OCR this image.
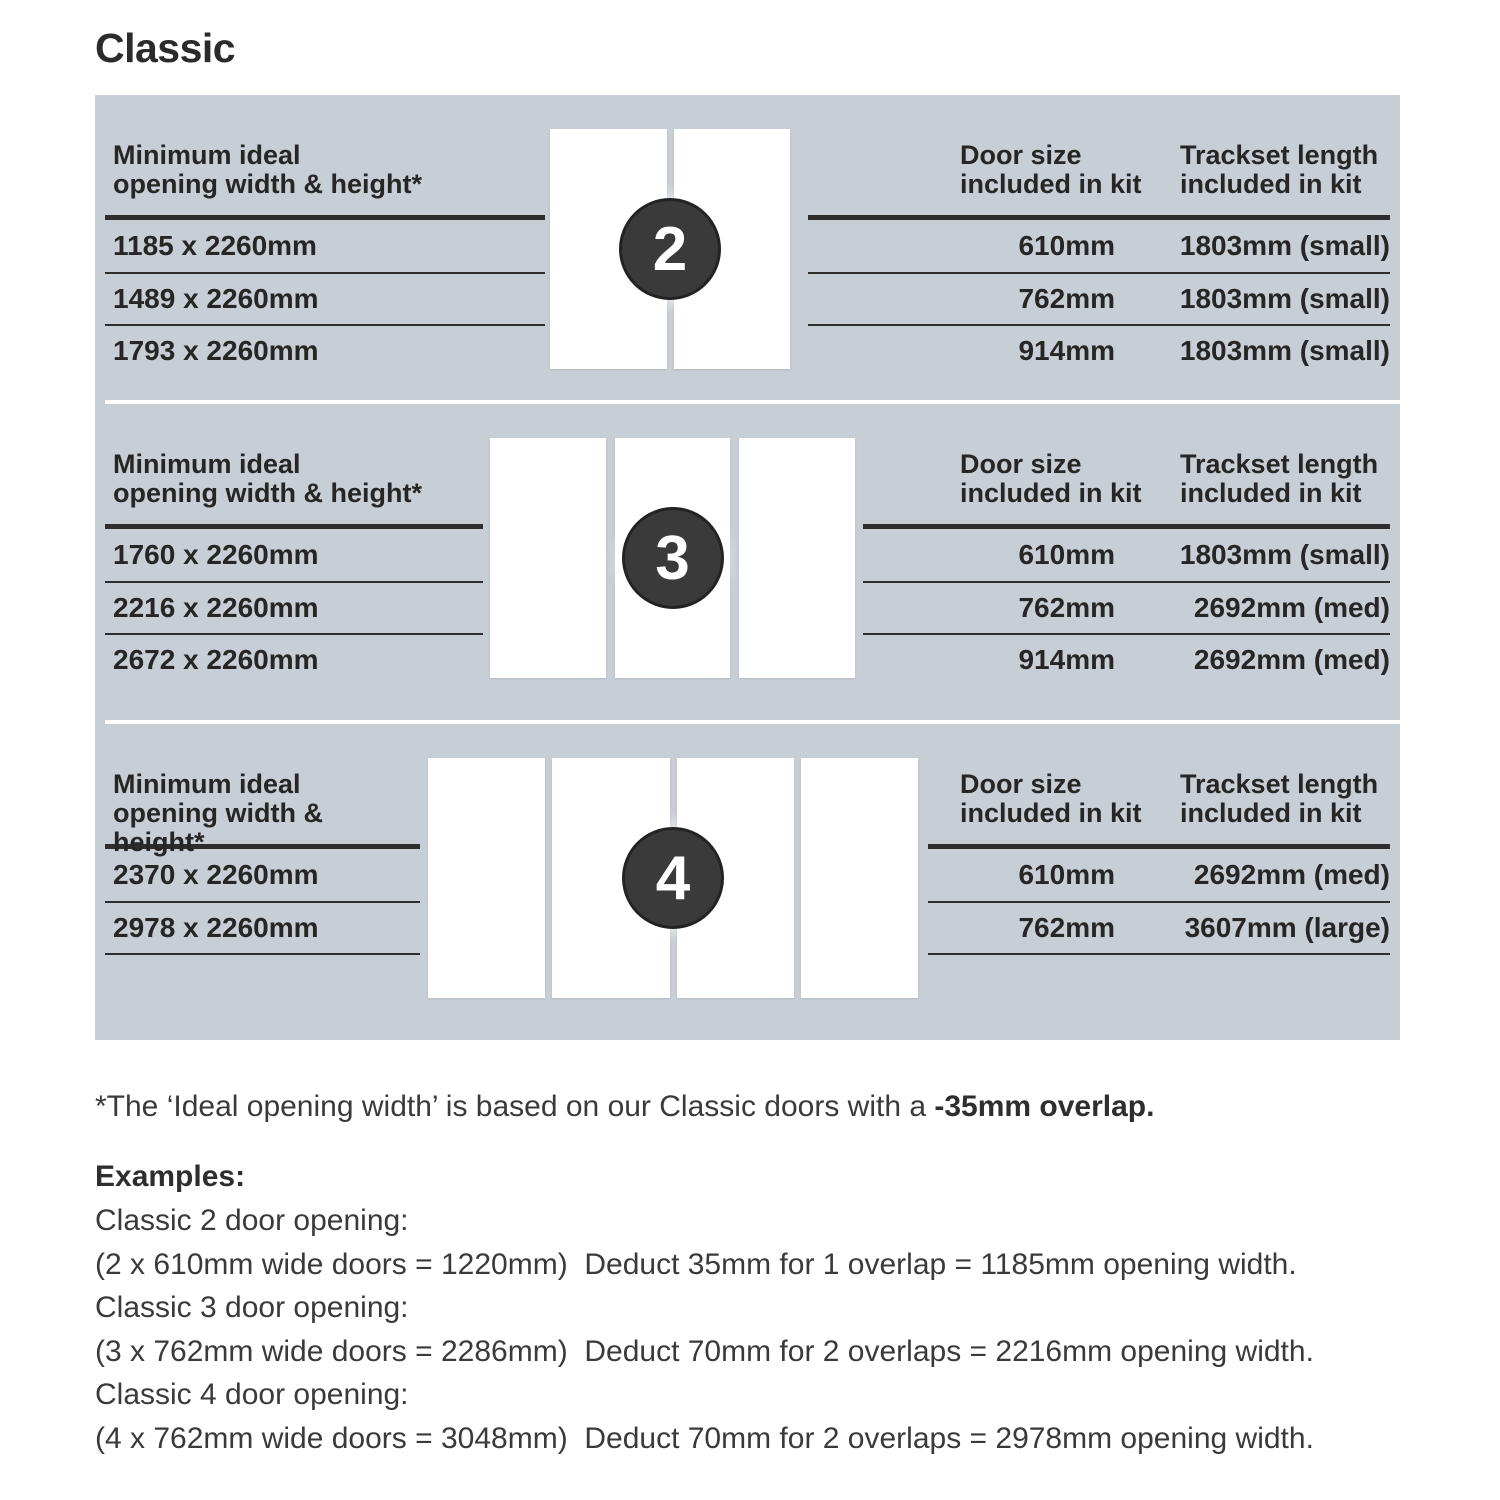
Classic
Minimum ideal
opening width & height*
1185 x 2260mm
1489 x 2260mm
1793 x 2260mm
2
Door size
included in kit
Trackset length
included in kit
610mm	1803mm (small)
762mm	1803mm (small)
914mm	1803mm (small)
Minimum ideal
opening width & height*
1760 x 2260mm
2216 x 2260mm
2672 x 2260mm
3
Door size
included in kit
Trackset length
included in kit
610mm	1803mm (small)
762mm	2692mm (med)
914mm	2692mm (med)
Minimum ideal
opening width & height*
2370 x 2260mm
2978 x 2260mm
4
Door size
included in kit
Trackset length
included in kit
610mm	2692mm (med)
762mm	3607mm (large)
*The ‘Ideal opening width’ is based on our Classic doors with a -35mm overlap.
Examples:
Classic 2 door opening:
(2 x 610mm wide doors = 1220mm)  Deduct 35mm for 1 overlap = 1185mm opening width.
Classic 3 door opening:
(3 x 762mm wide doors = 2286mm)  Deduct 70mm for 2 overlaps = 2216mm opening width.
Classic 4 door opening:
(4 x 762mm wide doors = 3048mm)  Deduct 70mm for 2 overlaps = 2978mm opening width.
